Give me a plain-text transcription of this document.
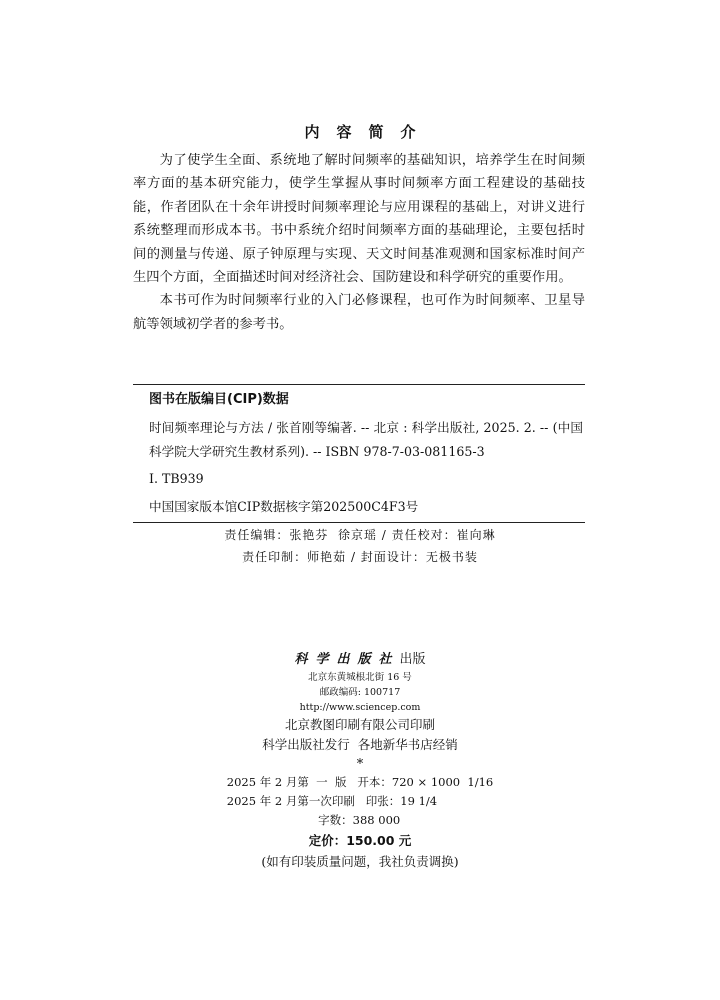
内容简介

为了使学生全面、系统地了解时间频率的基础知识，培养学生在时间频率方面的基本研究能力，使学生掌握从事时间频率方面工程建设的基础技能，作者团队在十余年讲授时间频率理论与应用课程的基础上，对讲义进行系统整理而形成本书。书中系统介绍时间频率方面的基础理论，主要包括时间的测量与传递、原子钟原理与实现、天文时间基准观测和国家标准时间产生四个方面，全面描述时间对经济社会、国防建设和科学研究的重要作用。

本书可作为时间频率行业的入门必修课程，也可作为时间频率、卫星导航等领域初学者的参考书。

图书在版编目(CIP)数据
时间频率理论与方法 / 张首刚等编著. -- 北京 : 科学出版社, 2025. 2. -- (中国科学院大学研究生教材系列). -- ISBN 978-7-03-081165-3
Ⅰ. TB939
中国国家版本馆CIP数据核字第202500C4F3号
责任编辑：张艳芬  徐京瑶 / 责任校对：崔向琳
责任印制：师艳茹 / 封面设计：无极书装
科学出版社出版
北京东黄城根北街 16 号
邮政编码: 100717
http://www.sciencep.com
北京教图印刷有限公司印刷
科学出版社发行  各地新华书店经销
*
2025 年 2 月第  一  版   开本：720 × 1000  1/16
2025 年 2 月第一次印刷   印张：19 1/4
字数：388 000
定价：150.00 元
(如有印装质量问题，我社负责调换)
